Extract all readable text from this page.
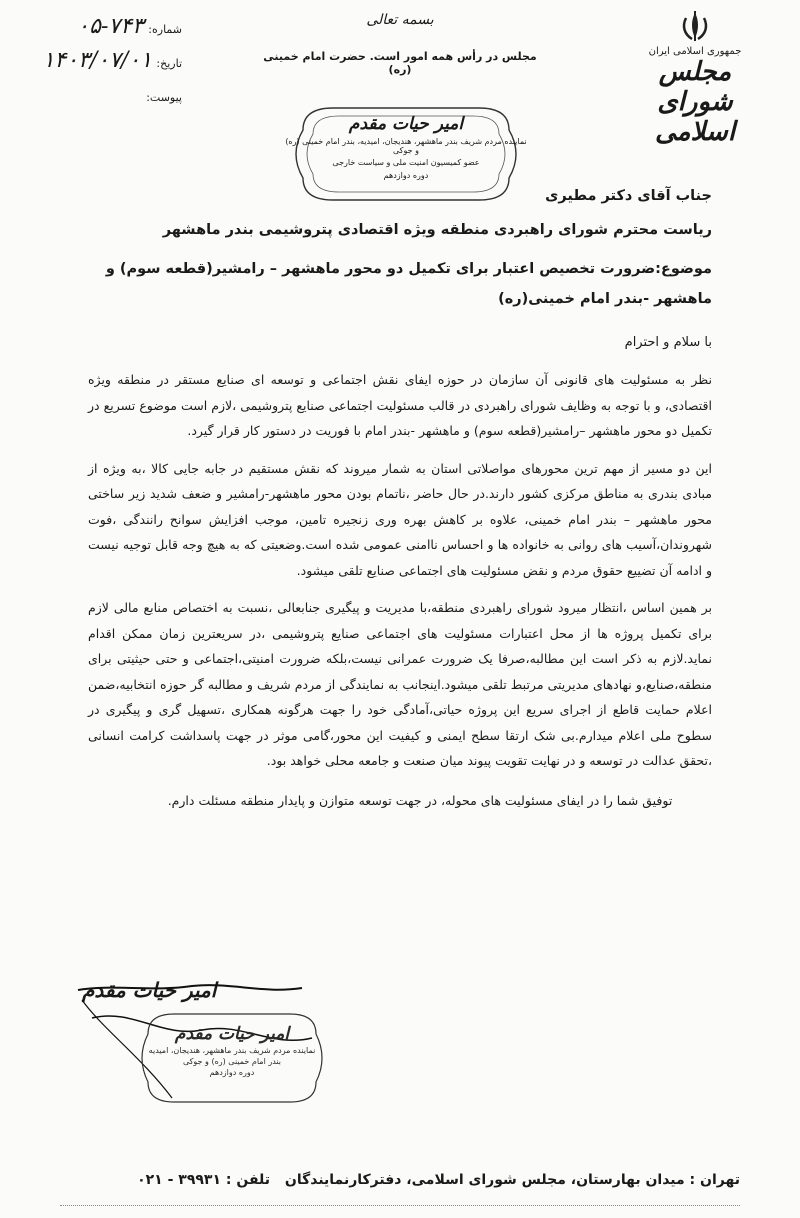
جمهوری اسلامی ایران
مجلس شورای اسلامی
بسمه تعالی
مجلس در رأس همه امور است. حضرت امام خمینی (ره)
امیر حیات مقدم
نماینده مردم شریف بندر ماهشهر، هندیجان، امیدیه، بندر امام خمینی (ره) و جوکی
عضو کمیسیون امنیت ملی و سیاست خارجی
دوره دوازدهم
شماره: ۷۴۳-۰۵
تاریخ: ۱۴۰۳/۰۷/۰۱
پیوست:
جناب آقای دکتر مطیری
ریاست محترم شورای راهبردی منطقه ویژه اقتصادی پتروشیمی بندر ماهشهر
موضوع:ضرورت تخصیص اعتبار برای تکمیل دو محور ماهشهر – رامشیر(قطعه سوم) و ماهشهر -بندر امام خمینی(ره)
با سلام و احترام

نظر به مسئولیت های قانونی آن سازمان در حوزه ایفای نقش اجتماعی و توسعه ای صنایع مستقر در منطقه ویژه اقتصادی، و با توجه به وظایف شورای راهبردی در قالب مسئولیت اجتماعی صنایع پتروشیمی ،لازم است موضوع تسریع در تکمیل دو محور ماهشهر –رامشیر(قطعه سوم) و ماهشهر -بندر امام با فوریت در دستور کار قرار گیرد.

این دو مسیر از مهم ترین محورهای مواصلاتی استان به شمار میروند که نقش مستقیم در جابه جایی کالا ،به ویژه از مبادی بندری به مناطق مرکزی کشور دارند.در حال حاضر ،ناتمام بودن محور ماهشهر-رامشیر و ضعف شدید زیر ساختی محور ماهشهر – بندر امام خمینی، علاوه بر کاهش بهره وری زنجیره تامین، موجب افزایش سوانح رانندگی ،فوت شهروندان،آسیب های روانی به خانواده ها و احساس ناامنی عمومی شده است.وضعیتی که به هیچ وجه قابل توجیه نیست و ادامه آن تضییع حقوق مردم و نقض مسئولیت های اجتماعی صنایع تلقی میشود.

بر همین اساس ،انتظار میرود شورای راهبردی منطقه،با مدیریت و پیگیری جنابعالی ،نسبت به اختصاص منابع مالی لازم برای تکمیل پروژه ها از محل اعتبارات مسئولیت های اجتماعی صنایع پتروشیمی ،در سریعترین زمان ممکن اقدام نماید.لازم به ذکر است این مطالبه،صرفا یک ضرورت عمرانی نیست،بلکه ضرورت امنیتی،اجتماعی و حتی حیثیتی برای منطقه،صنایع،و نهادهای مدیریتی مرتبط تلقی میشود.اینجانب به نمایندگی از مردم شریف و مطالبه گر حوزه انتخابیه،ضمن اعلام حمایت قاطع از اجرای سریع این پروژه حیاتی،آمادگی خود را جهت هرگونه همکاری ،تسهیل گری و پیگیری در سطوح ملی اعلام میدارم.بی شک ارتقا سطح ایمنی و کیفیت این محور،گامی موثر در جهت پاسداشت کرامت انسانی ،تحقق عدالت در توسعه و در نهایت تقویت پیوند میان صنعت و جامعه محلی خواهد بود.

توفیق شما را در ایفای مسئولیت های محوله، در جهت توسعه متوازن و پایدار منطقه مسئلت دارم.
امیر حیات مقدم
امیر حیات مقدم
نماینده مردم شریف بندر ماهشهر، هندیجان، امیدیه
بندر امام خمینی (ره) و جوکی
دوره دوازدهم
تهران : میدان بهارستان، مجلس شورای اسلامی، دفترکارنمایندگان تلفن : ۳۹۹۳۱ - ۰۲۱
